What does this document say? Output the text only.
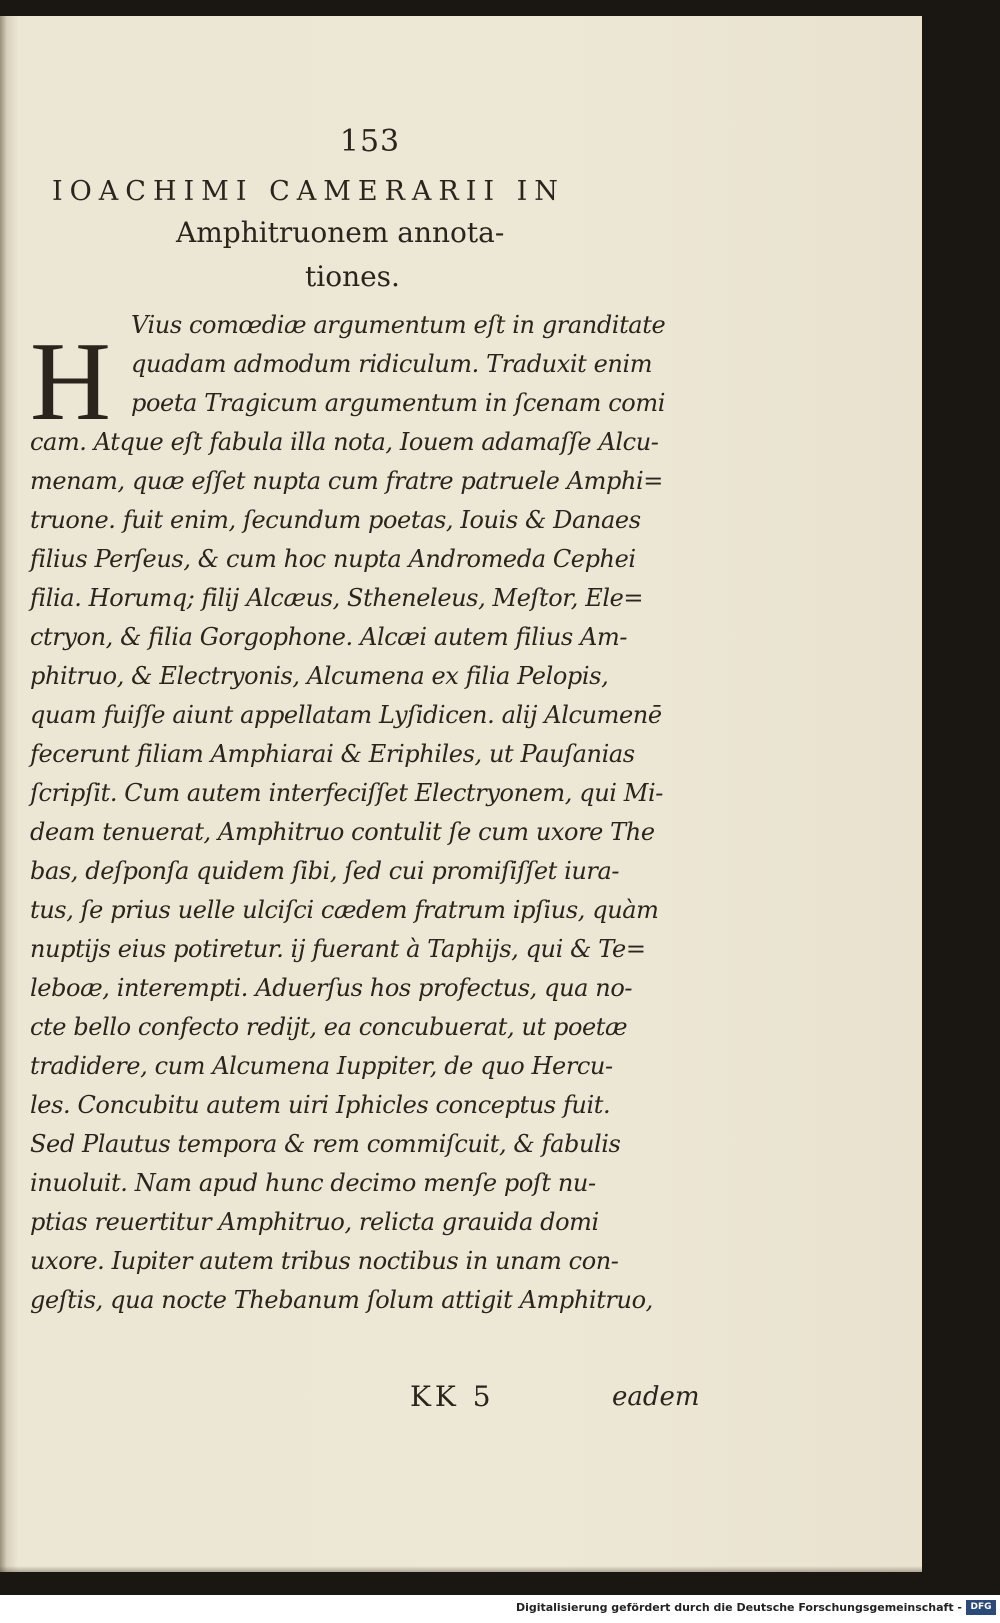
153
IOACHIMI CAMERARII IN
Amphitruonem annota-
tiones.
H Vius comœdiæ argumentum eſt in granditate
quadam admodum ridiculum. Traduxit enim
poeta Tragicum argumentum in ſcenam comi
cam. Atque eſt fabula illa nota, Iouem adamaſſe Alcu-
menam, quæ eſſet nupta cum fratre patruele Amphi=
truone. fuit enim, ſecundum poetas, Iouis & Danaes
filius Perſeus, & cum hoc nupta Andromeda Cephei
filia. Horumq; filij Alcæus, Stheneleus, Meſtor, Ele=
ctryon, & filia Gorgophone. Alcæi autem filius Am-
phitruo, & Electryonis, Alcumena ex filia Pelopis,
quam fuiſſe aiunt appellatam Lyſidicen. alij Alcumenē
fecerunt filiam Amphiarai & Eriphiles, ut Pauſanias
ſcripſit. Cum autem interfeciſſet Electryonem, qui Mi-
deam tenuerat, Amphitruo contulit ſe cum uxore The
bas, deſponſa quidem ſibi, ſed cui promiſiſſet iura-
tus, ſe prius uelle ulciſci cædem fratrum ipſius, quàm
nuptijs eius potiretur. ij fuerant à Taphijs, qui & Te=
leboæ, interempti. Aduerſus hos profectus, qua no-
cte bello confecto redijt, ea concubuerat, ut poetæ
tradidere, cum Alcumena Iuppiter, de quo Hercu-
les. Concubitu autem uiri Iphicles conceptus fuit.
Sed Plautus tempora & rem commiſcuit, & fabulis
inuoluit. Nam apud hunc decimo menſe poſt nu-
ptias reuertitur Amphitruo, relicta grauida domi
uxore. Iupiter autem tribus noctibus in unam con-
geſtis, qua nocte Thebanum ſolum attigit Amphitruo,
KK 5	eadem
Digitalisierung gefördert durch die Deutsche Forschungsgemeinschaft - DFG
